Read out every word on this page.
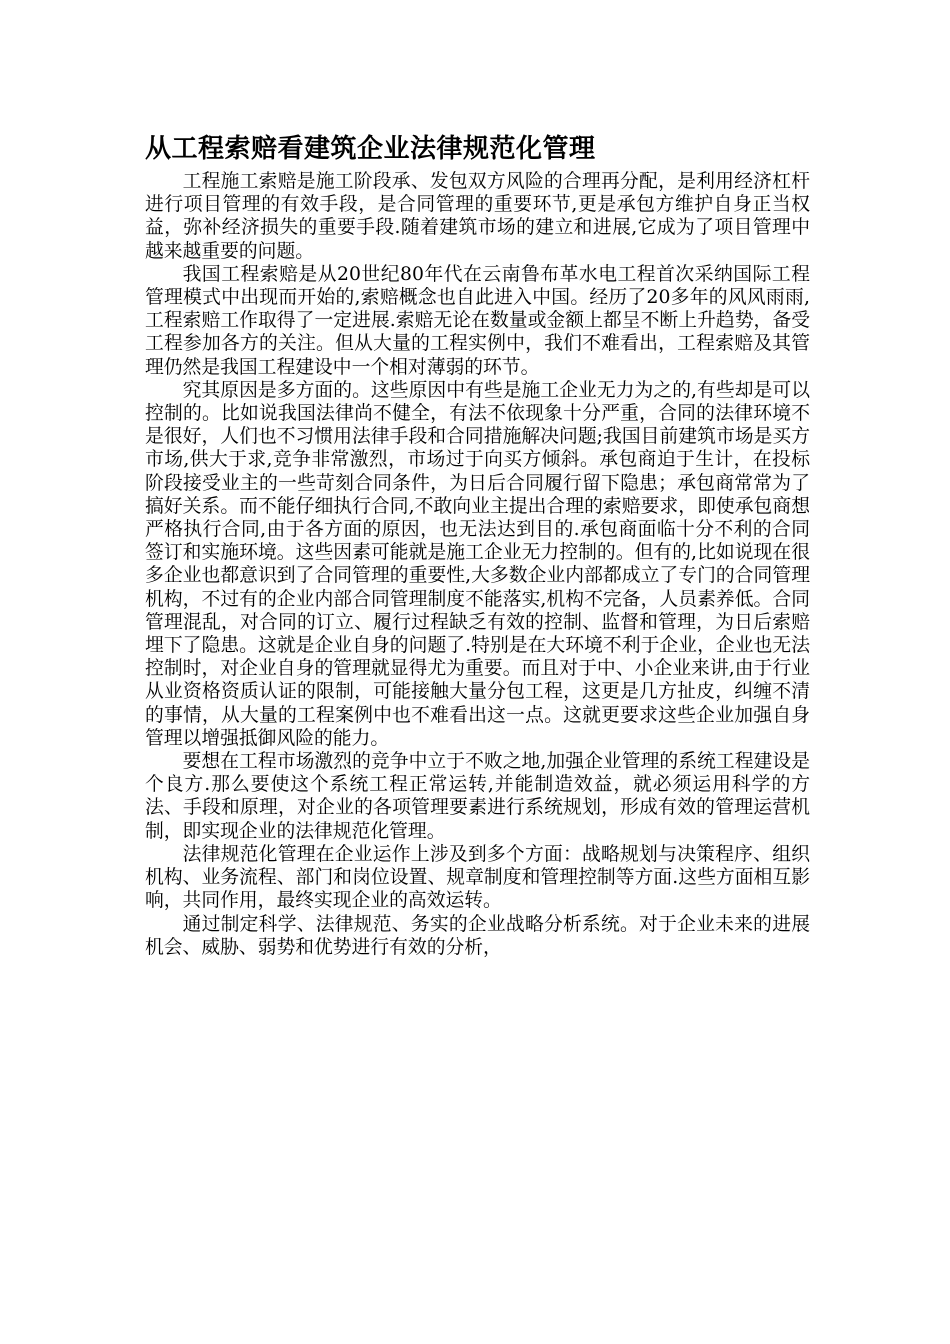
从工程索赔看建筑企业法律规范化管理

工程施工索赔是施工阶段承、发包双方风险的合理再分配，是利用经济杠杆进行项目管理的有效手段，是合同管理的重要环节,更是承包方维护自身正当权益，弥补经济损失的重要手段.随着建筑市场的建立和进展,它成为了项目管理中越来越重要的问题。

我国工程索赔是从20世纪80年代在云南鲁布革水电工程首次采纳国际工程管理模式中出现而开始的,索赔概念也自此进入中国。经历了20多年的风风雨雨,工程索赔工作取得了一定进展.索赔无论在数量或金额上都呈不断上升趋势，备受工程参加各方的关注。但从大量的工程实例中，我们不难看出，工程索赔及其管理仍然是我国工程建设中一个相对薄弱的环节。

究其原因是多方面的。这些原因中有些是施工企业无力为之的,有些却是可以控制的。比如说我国法律尚不健全，有法不依现象十分严重，合同的法律环境不是很好，人们也不习惯用法律手段和合同措施解决问题;我国目前建筑市场是买方市场,供大于求,竞争非常激烈，市场过于向买方倾斜。承包商迫于生计，在投标阶段接受业主的一些苛刻合同条件，为日后合同履行留下隐患；承包商常常为了搞好关系。而不能仔细执行合同,不敢向业主提出合理的索赔要求，即使承包商想严格执行合同,由于各方面的原因，也无法达到目的.承包商面临十分不利的合同签订和实施环境。这些因素可能就是施工企业无力控制的。但有的,比如说现在很多企业也都意识到了合同管理的重要性,大多数企业内部都成立了专门的合同管理机构，不过有的企业内部合同管理制度不能落实,机构不完备，人员素养低。合同管理混乱，对合同的订立、履行过程缺乏有效的控制、监督和管理，为日后索赔埋下了隐患。这就是企业自身的问题了.特别是在大环境不利于企业，企业也无法控制时，对企业自身的管理就显得尤为重要。而且对于中、小企业来讲,由于行业从业资格资质认证的限制，可能接触大量分包工程，这更是几方扯皮，纠缠不清的事情，从大量的工程案例中也不难看出这一点。这就更要求这些企业加强自身管理以增强抵御风险的能力。

要想在工程市场激烈的竞争中立于不败之地,加强企业管理的系统工程建设是个良方.那么要使这个系统工程正常运转,并能制造效益，就必须运用科学的方法、手段和原理，对企业的各项管理要素进行系统规划，形成有效的管理运营机制，即实现企业的法律规范化管理。

法律规范化管理在企业运作上涉及到多个方面：战略规划与决策程序、组织机构、业务流程、部门和岗位设置、规章制度和管理控制等方面.这些方面相互影响，共同作用，最终实现企业的高效运转。

通过制定科学、法律规范、务实的企业战略分析系统。对于企业未来的进展机会、威胁、弱势和优势进行有效的分析，
